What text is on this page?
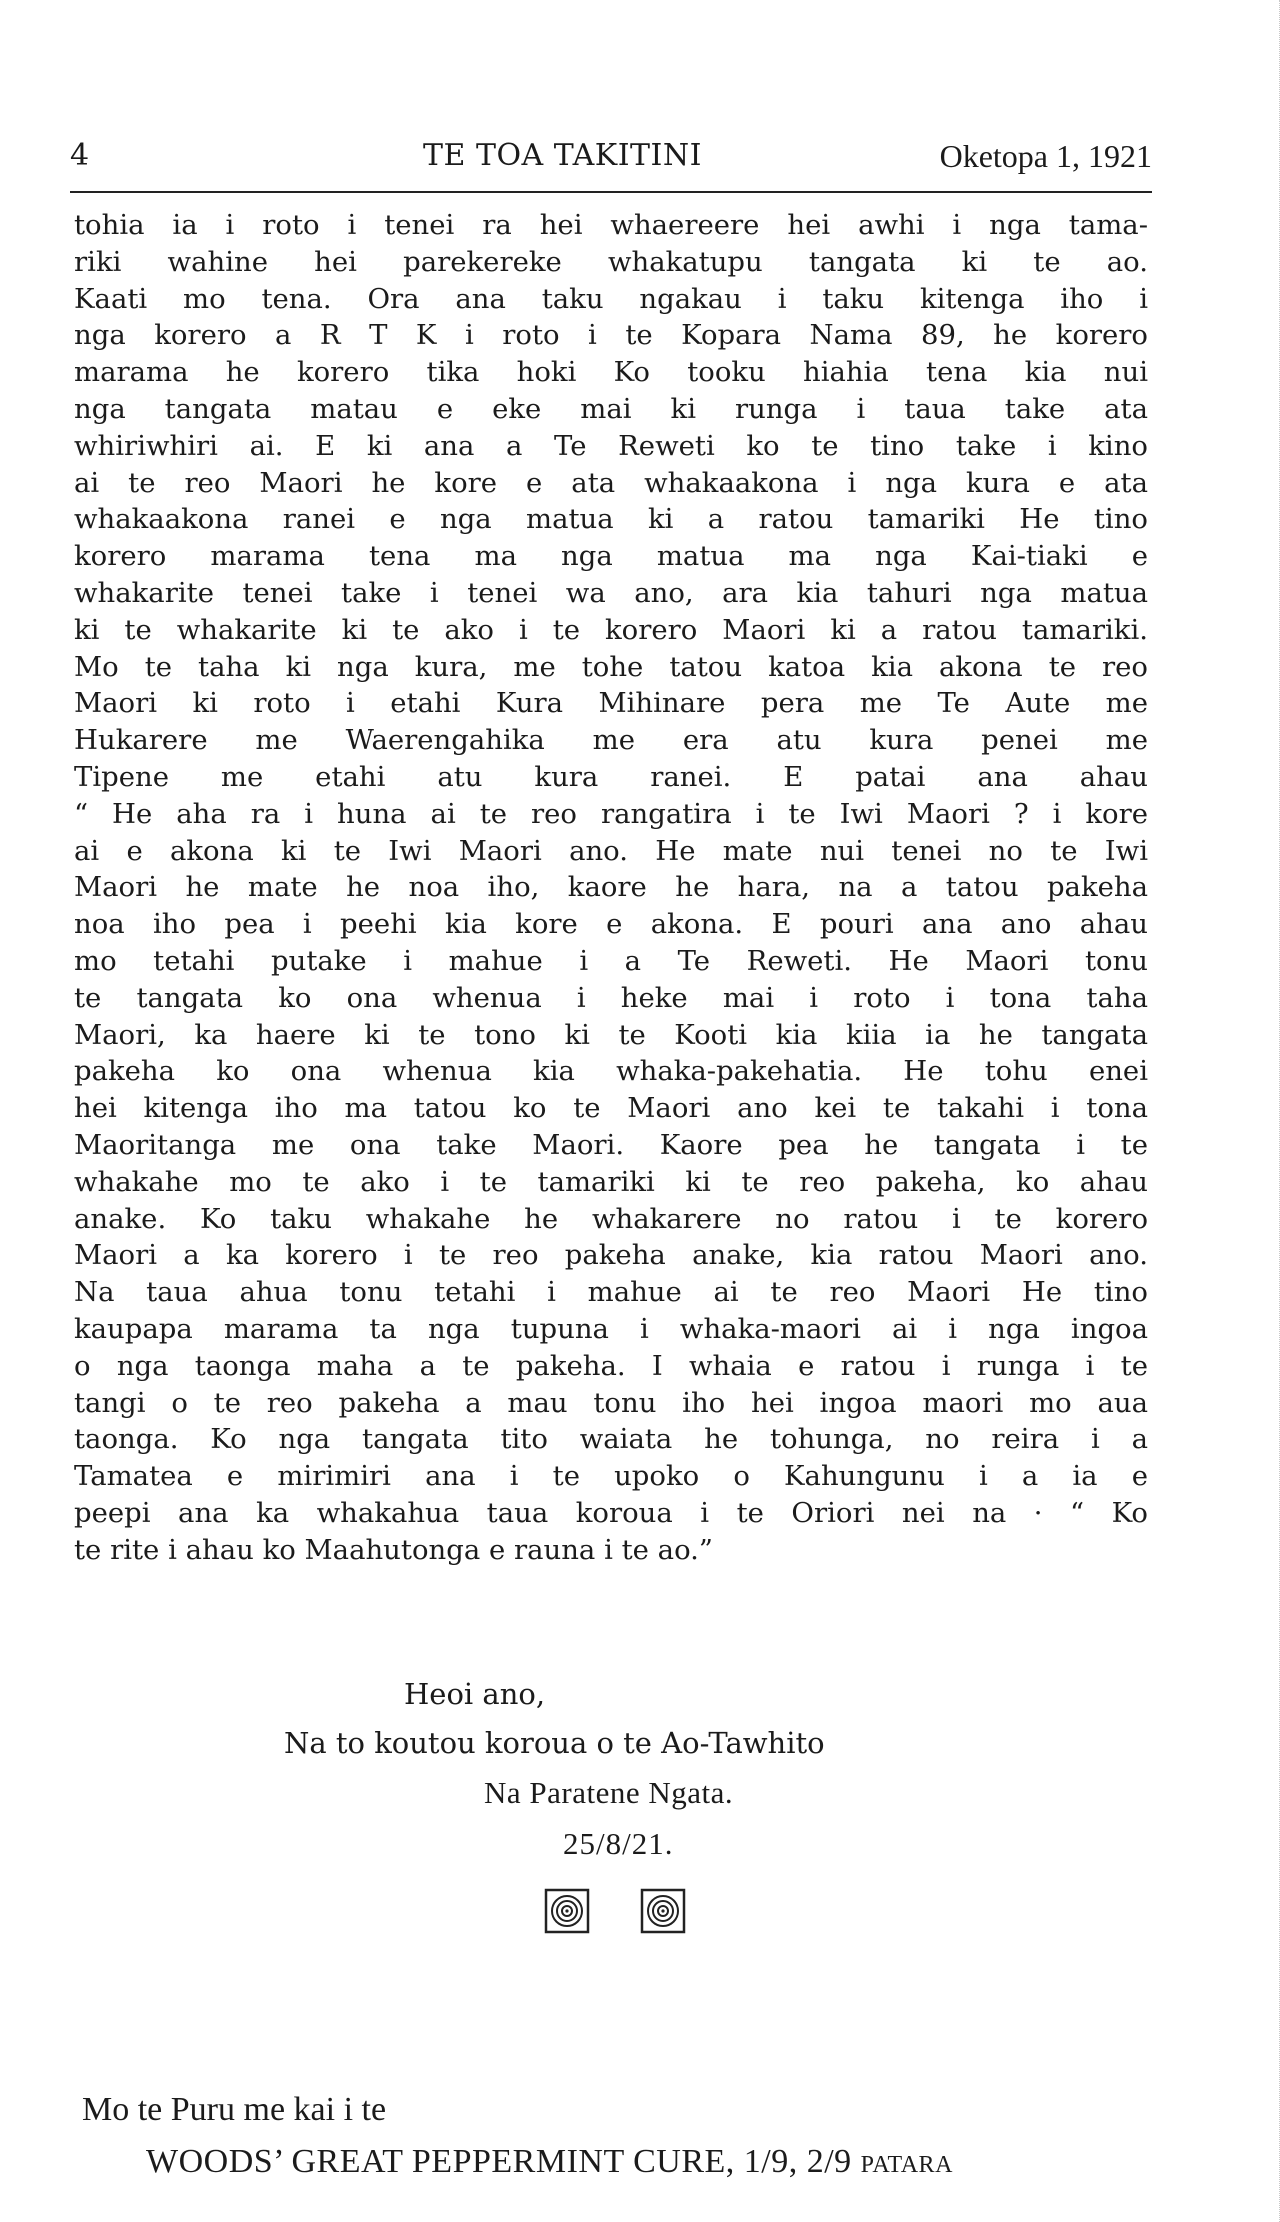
4	TE TOA TAKITINI	Oketopa 1, 1921
tohia ia i roto i tenei ra hei whaereere hei awhi i nga tama-
riki wahine hei parekereke whakatupu tangata ki te ao.
Kaati mo tena. Ora ana taku ngakau i taku kitenga iho i
nga korero a R T K i roto i te Kopara Nama 89, he korero
marama he korero tika hoki Ko tooku hiahia tena kia nui
nga tangata matau e eke mai ki runga i taua take ata
whiriwhiri ai. E ki ana a Te Reweti ko te tino take i kino
ai te reo Maori he kore e ata whakaakona i nga kura e ata
whakaakona ranei e nga matua ki a ratou tamariki He tino
korero marama tena ma nga matua ma nga Kai-tiaki e
whakarite tenei take i tenei wa ano, ara kia tahuri nga matua
ki te whakarite ki te ako i te korero Maori ki a ratou tamariki.
Mo te taha ki nga kura, me tohe tatou katoa kia akona te reo
Maori ki roto i etahi Kura Mihinare pera me Te Aute me
Hukarere me Waerengahika me era atu kura penei me
Tipene me etahi atu kura ranei. E patai ana ahau
“ He aha ra i huna ai te reo rangatira i te Iwi Maori ? i kore
ai e akona ki te Iwi Maori ano. He mate nui tenei no te Iwi
Maori he mate he noa iho, kaore he hara, na a tatou pakeha
noa iho pea i peehi kia kore e akona. E pouri ana ano ahau
mo tetahi putake i mahue i a Te Reweti. He Maori tonu
te tangata ko ona whenua i heke mai i roto i tona taha
Maori, ka haere ki te tono ki te Kooti kia kiia ia he tangata
pakeha ko ona whenua kia whaka-pakehatia. He tohu enei
hei kitenga iho ma tatou ko te Maori ano kei te takahi i tona
Maoritanga me ona take Maori. Kaore pea he tangata i te
whakahe mo te ako i te tamariki ki te reo pakeha, ko ahau
anake. Ko taku whakahe he whakarere no ratou i te korero
Maori a ka korero i te reo pakeha anake, kia ratou Maori ano.
Na taua ahua tonu tetahi i mahue ai te reo Maori He tino
kaupapa marama ta nga tupuna i whaka-maori ai i nga ingoa
o nga taonga maha a te pakeha. I whaia e ratou i runga i te
tangi o te reo pakeha a mau tonu iho hei ingoa maori mo aua
taonga. Ko nga tangata tito waiata he tohunga, no reira i a
Tamatea e mirimiri ana i te upoko o Kahungunu i a ia e
peepi ana ka whakahua taua koroua i te Oriori nei na · “ Ko
te rite i ahau ko Maahutonga e rauna i te ao.”
Heoi ano,
Na to koutou koroua o te Ao-Tawhito
Na Paratene Ngata.
25/8/21.
Mo te Puru me kai i te
WOODS’ GREAT PEPPERMINT CURE, 1/9, 2/9 patara
